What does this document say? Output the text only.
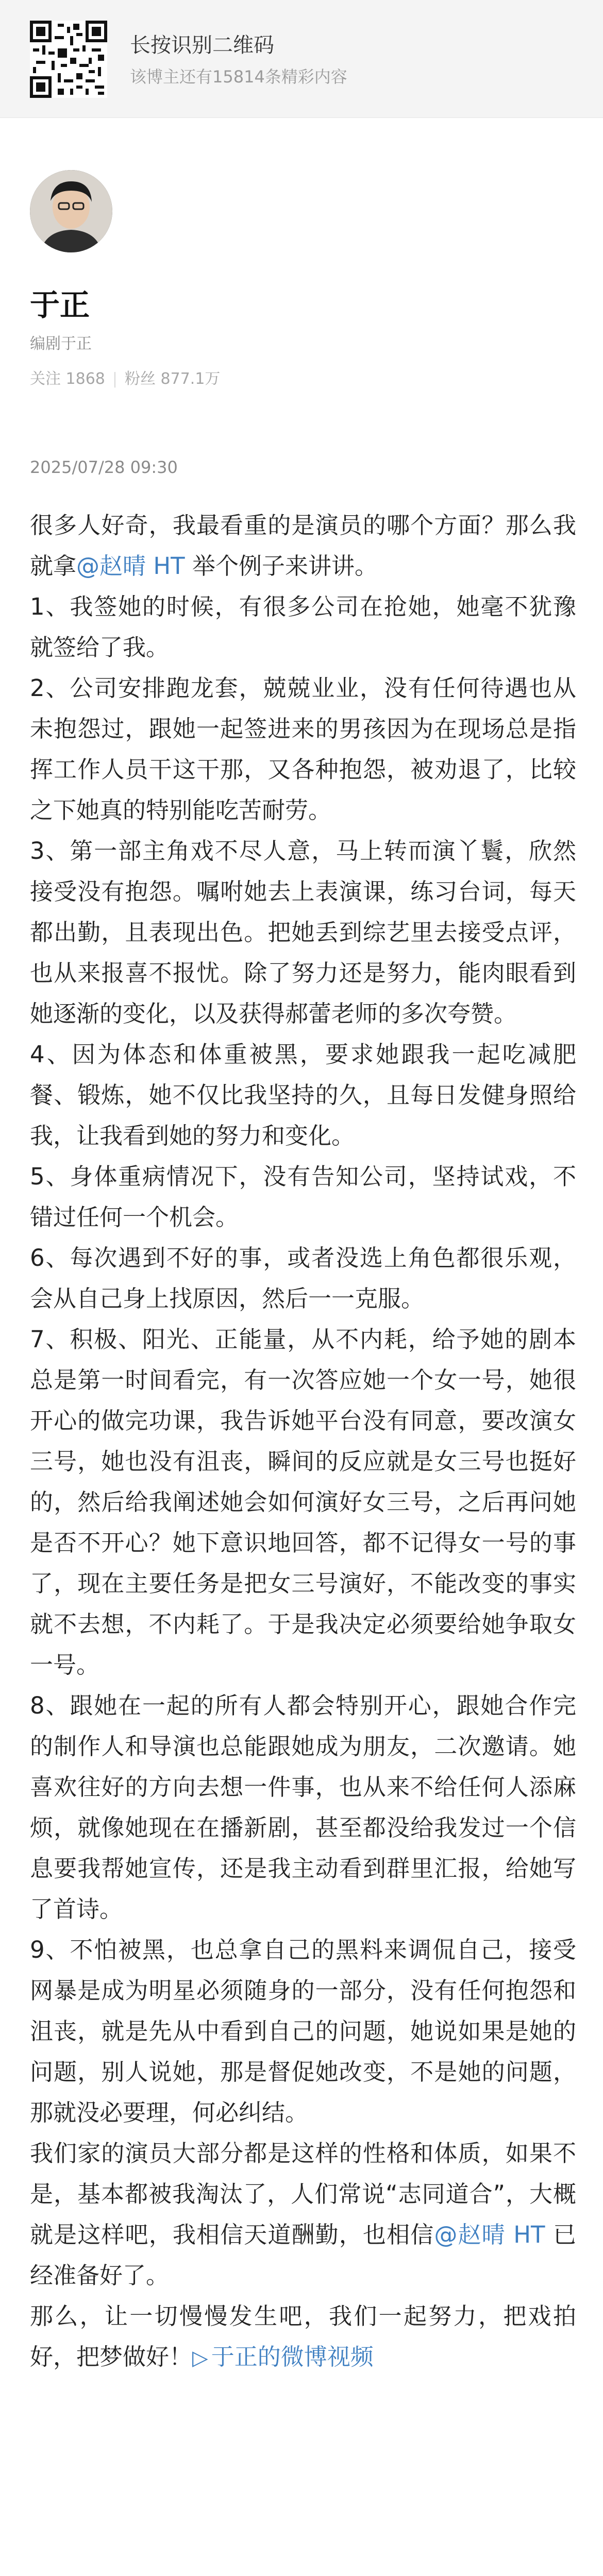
长按识别二维码
该博主还有15814条精彩内容
于正
编剧于正
关注 1868 | 粉丝 877.1万
2025/07/28 09:30

很多人好奇，我最看重的是演员的哪个方面？那么我就拿@赵晴 HT 举个例子来讲讲。

1、我签她的时候，有很多公司在抢她，她毫不犹豫就签给了我。

2、公司安排跑龙套，兢兢业业，没有任何待遇也从未抱怨过，跟她一起签进来的男孩因为在现场总是指挥工作人员干这干那，又各种抱怨，被劝退了，比较之下她真的特别能吃苦耐劳。

3、第一部主角戏不尽人意，马上转而演丫鬟，欣然接受没有抱怨。嘱咐她去上表演课，练习台词，每天都出勤，且表现出色。把她丢到综艺里去接受点评，也从来报喜不报忧。除了努力还是努力，能肉眼看到她逐渐的变化，以及获得郝蕾老师的多次夸赞。

4、因为体态和体重被黑，要求她跟我一起吃减肥餐、锻炼，她不仅比我坚持的久，且每日发健身照给我，让我看到她的努力和变化。

5、身体重病情况下，没有告知公司，坚持试戏，不错过任何一个机会。

6、每次遇到不好的事，或者没选上角色都很乐观，会从自己身上找原因，然后一一克服。

7、积极、阳光、正能量，从不内耗，给予她的剧本总是第一时间看完，有一次答应她一个女一号，她很开心的做完功课，我告诉她平台没有同意，要改演女三号，她也没有沮丧，瞬间的反应就是女三号也挺好的，然后给我阐述她会如何演好女三号，之后再问她是否不开心？她下意识地回答，都不记得女一号的事了，现在主要任务是把女三号演好，不能改变的事实就不去想，不内耗了。于是我决定必须要给她争取女一号。

8、跟她在一起的所有人都会特别开心，跟她合作完的制作人和导演也总能跟她成为朋友，二次邀请。她喜欢往好的方向去想一件事，也从来不给任何人添麻烦，就像她现在在播新剧，甚至都没给我发过一个信息要我帮她宣传，还是我主动看到群里汇报，给她写了首诗。

9、不怕被黑，也总拿自己的黑料来调侃自己，接受网暴是成为明星必须随身的一部分，没有任何抱怨和沮丧，就是先从中看到自己的问题，她说如果是她的问题，别人说她，那是督促她改变，不是她的问题，那就没必要理，何必纠结。

我们家的演员大部分都是这样的性格和体质，如果不是，基本都被我淘汰了，人们常说“志同道合”，大概就是这样吧，我相信天道酬勤，也相信@赵晴 HT 已经准备好了。

那么，让一切慢慢发生吧，我们一起努力，把戏拍好，把梦做好！▷ 于正的微博视频
